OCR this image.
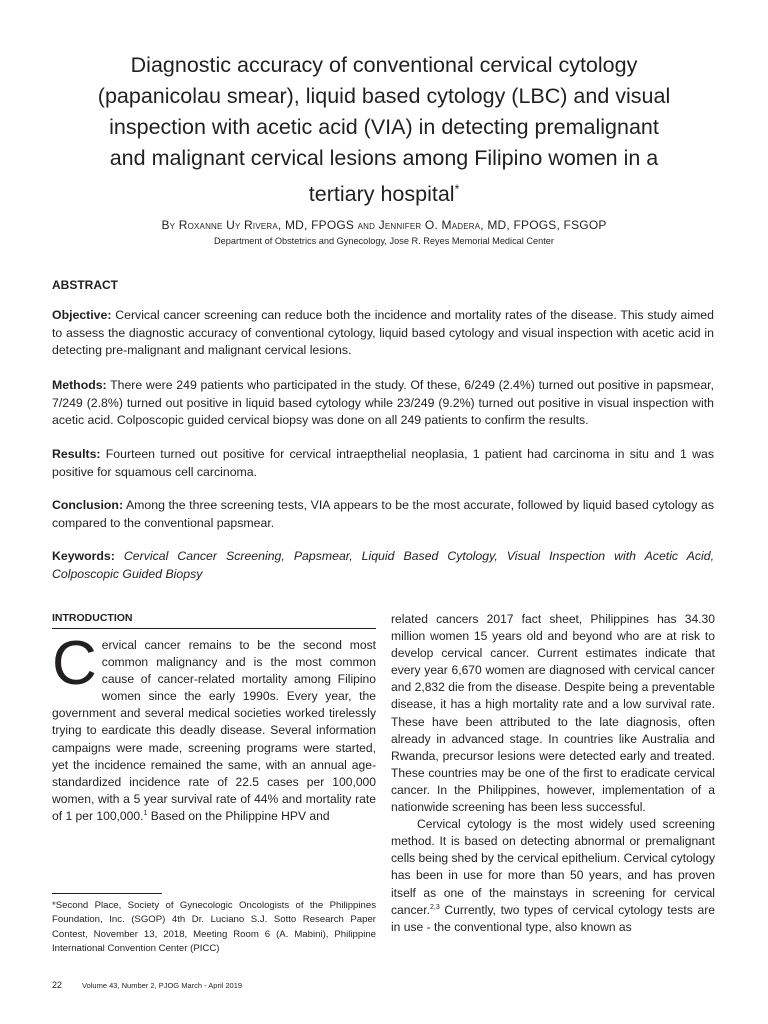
Diagnostic accuracy of conventional cervical cytology (papanicolau smear), liquid based cytology (LBC) and visual inspection with acetic acid (VIA) in detecting premalignant and malignant cervical lesions among Filipino women in a tertiary hospital*
By Roxanne Uy Rivera, MD, FPOGS and Jennifer O. Madera, MD, FPOGS, FSGOP
Department of Obstetrics and Gynecology, Jose R. Reyes Memorial Medical Center
ABSTRACT

Objective: Cervical cancer screening can reduce both the incidence and mortality rates of the disease. This study aimed to assess the diagnostic accuracy of conventional cytology, liquid based cytology and visual inspection with acetic acid in detecting pre-malignant and malignant cervical lesions.

Methods: There were 249 patients who participated in the study. Of these, 6/249 (2.4%) turned out positive in papsmear, 7/249 (2.8%) turned out positive in liquid based cytology while 23/249 (9.2%) turned out positive in visual inspection with acetic acid. Colposcopic guided cervical biopsy was done on all 249 patients to confirm the results.

Results: Fourteen turned out positive for cervical intraepthelial neoplasia, 1 patient had carcinoma in situ and 1 was positive for squamous cell carcinoma.

Conclusion: Among the three screening tests, VIA appears to be the most accurate, followed by liquid based cytology as compared to the conventional papsmear.

Keywords: Cervical Cancer Screening, Papsmear, Liquid Based Cytology, Visual Inspection with Acetic Acid, Colposcopic Guided Biopsy

INTRODUCTION
Cervical cancer remains to be the second most common malignancy and is the most common cause of cancer-related mortality among Filipino women since the early 1990s. Every year, the government and several medical societies worked tirelessly trying to eardicate this deadly disease. Several information campaigns were made, screening programs were started, yet the incidence remained the same, with an annual age-standardized incidence rate of 22.5 cases per 100,000 women, with a 5 year survival rate of 44% and mortality rate of 1 per 100,000.$^1$ Based on the Philippine HPV and

related cancers 2017 fact sheet, Philippines has 34.30 million women 15 years old and beyond who are at risk to develop cervical cancer. Current estimates indicate that every year 6,670 women are diagnosed with cervical cancer and 2,832 die from the disease. Despite being a preventable disease, it has a high mortality rate and a low survival rate. These have been attributed to the late diagnosis, often already in advanced stage. In countries like Australia and Rwanda, precursor lesions were detected early and treated. These countries may be one of the first to eradicate cervical cancer. In the Philippines, however, implementation of a nationwide screening has been less successful.

Cervical cytology is the most widely used screening method. It is based on detecting abnormal or premalignant cells being shed by the cervical epithelium. Cervical cytology has been in use for more than 50 years, and has proven itself as one of the mainstays in screening for cervical cancer.$^{2,3}$ Currently, two types of cervical cytology tests are in use - the conventional type, also known as

*Second Place, Society of Gynecologic Oncologists of the Philippines Foundation, Inc. (SGOP) 4th Dr. Luciano S.J. Sotto Research Paper Contest, November 13, 2018, Meeting Room 6 (A. Mabini), Philippine International Convention Center (PICC)

22	Volume 43, Number 2, PJOG March - April 2019
